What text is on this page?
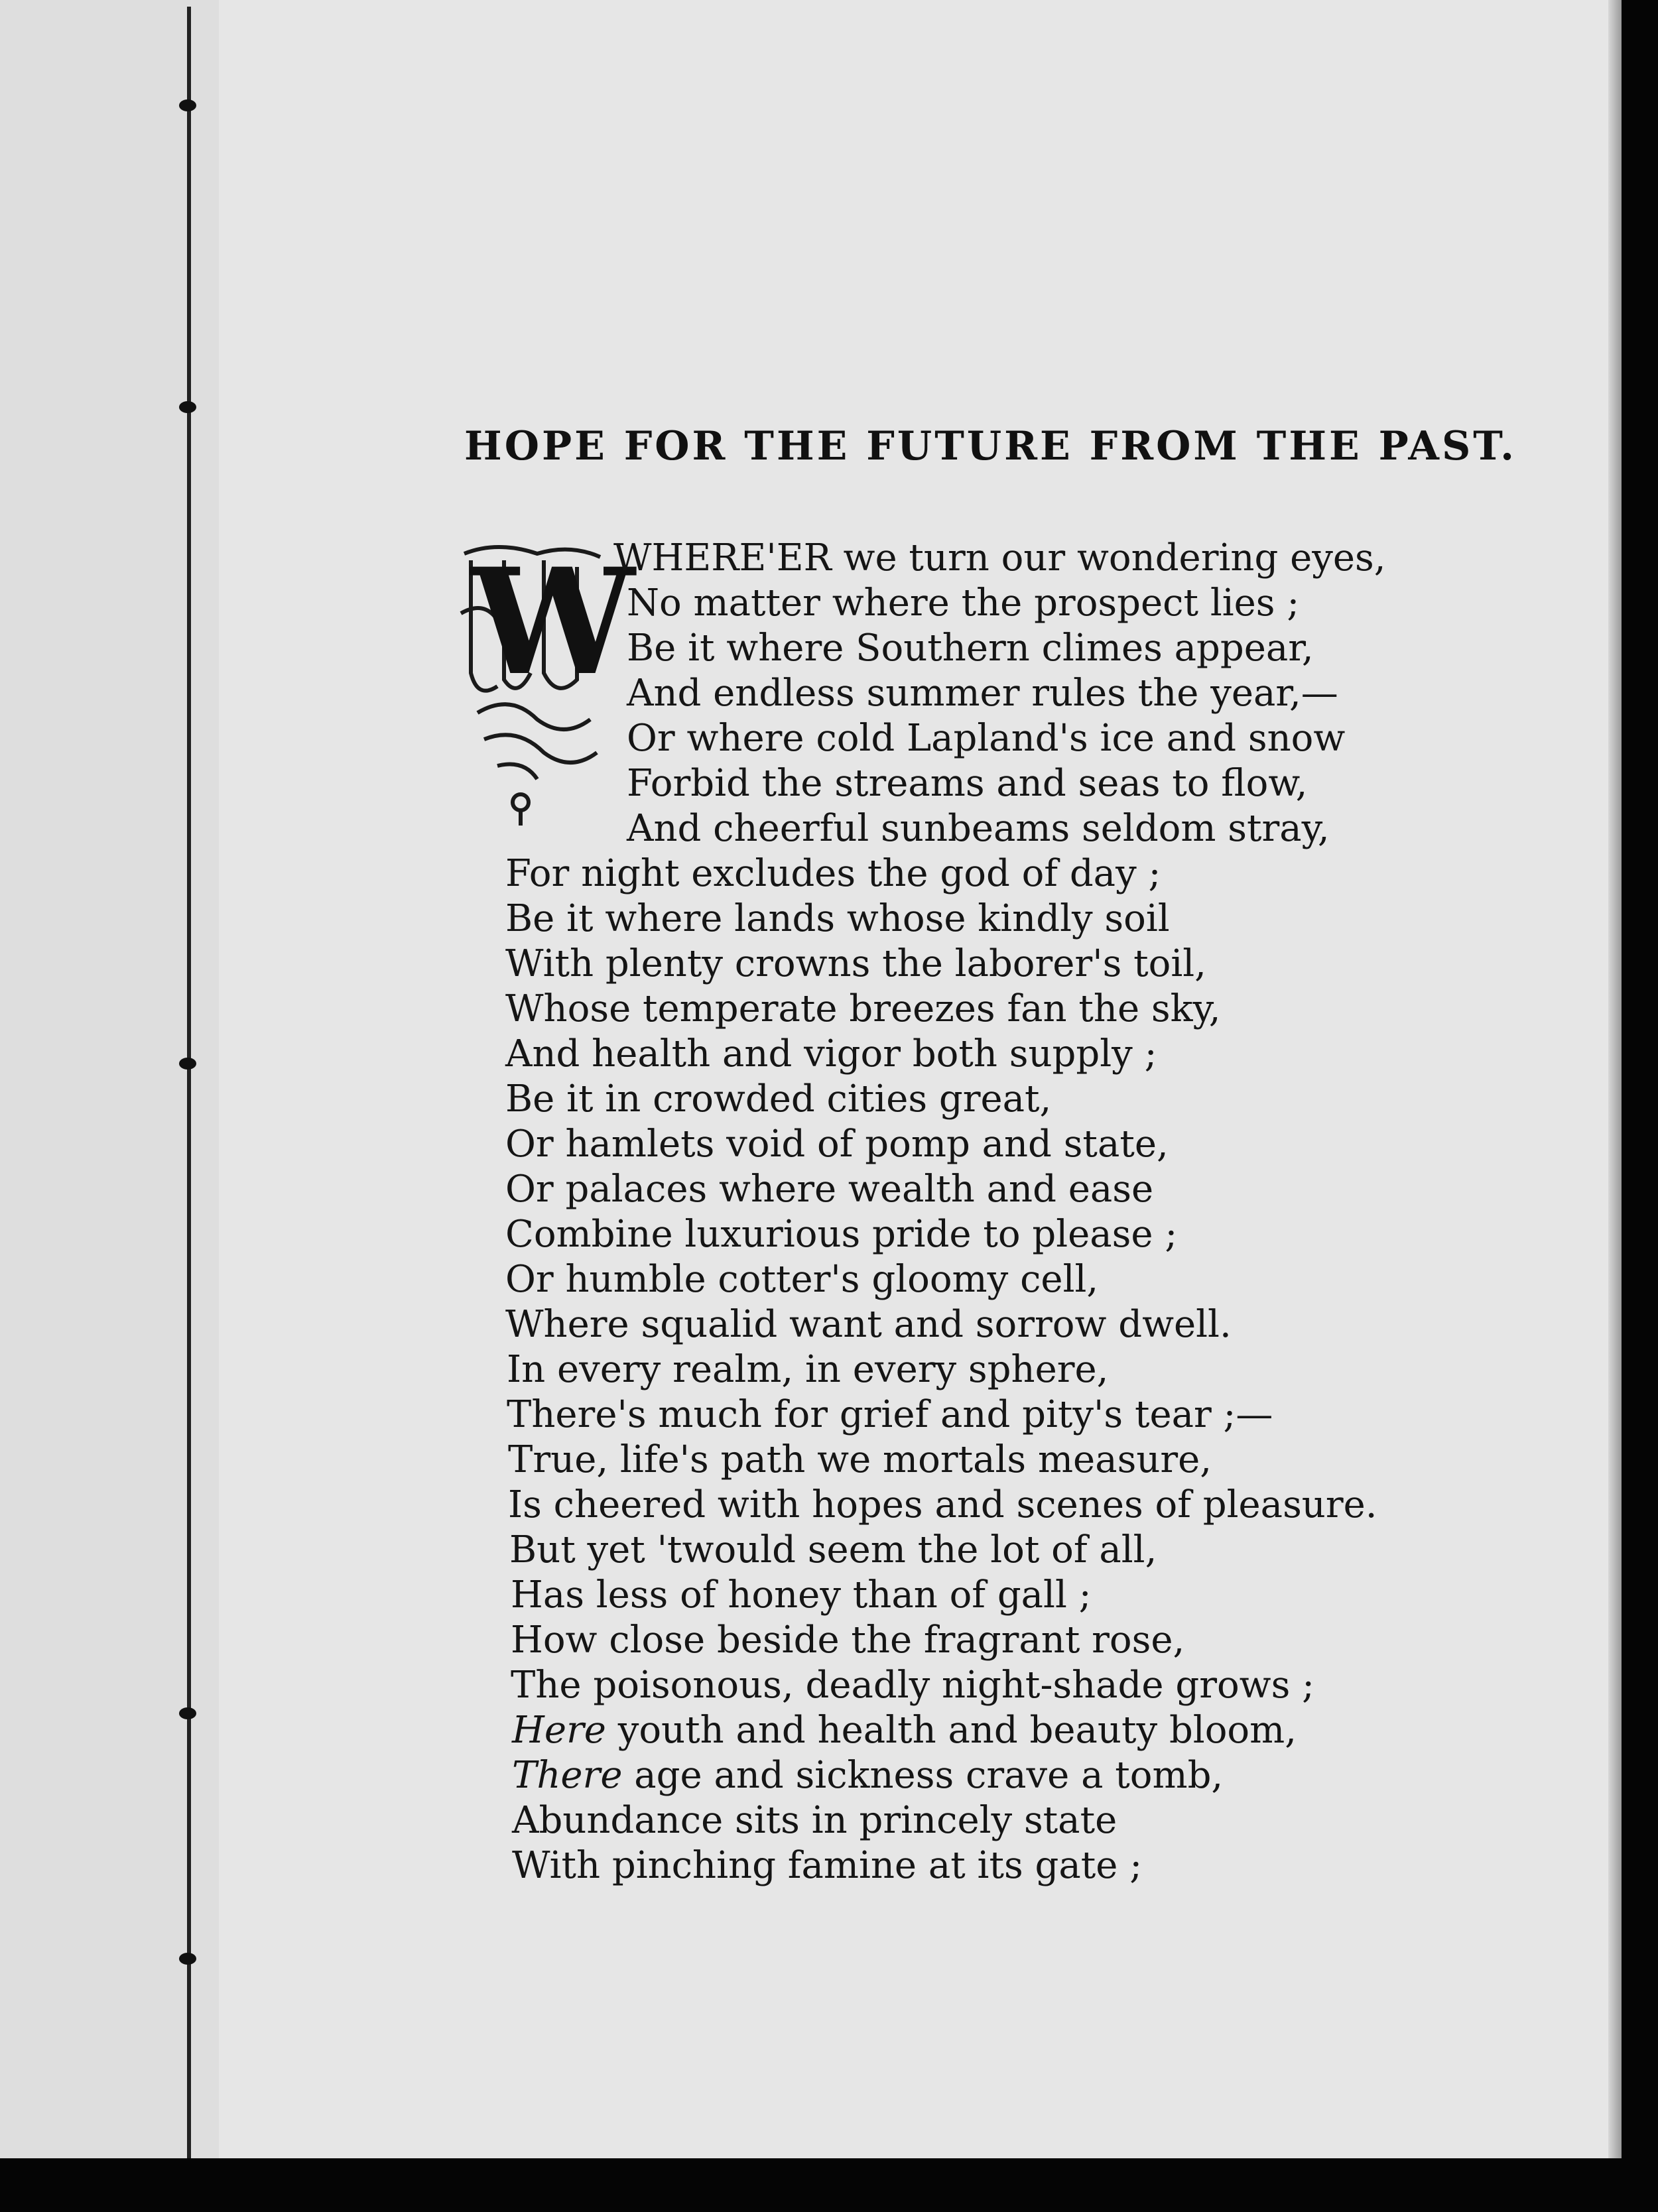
HOPE FOR THE FUTURE FROM THE PAST.
W
WHERE'ER we turn our wondering eyes,
No matter where the prospect lies ;
Be it where Southern climes appear,
And endless summer rules the year,—
Or where cold Lapland's ice and snow
Forbid the streams and seas to flow,
And cheerful sunbeams seldom stray,
For night excludes the god of day ;
Be it where lands whose kindly soil
With plenty crowns the laborer's toil,
Whose temperate breezes fan the sky,
And health and vigor both supply ;
Be it in crowded cities great,
Or hamlets void of pomp and state,
Or palaces where wealth and ease
Combine luxurious pride to please ;
Or humble cotter's gloomy cell,
Where squalid want and sorrow dwell.
In every realm, in every sphere,
There's much for grief and pity's tear ;—
True, life's path we mortals measure,
Is cheered with hopes and scenes of pleasure.
But yet 'twould seem the lot of all,
Has less of honey than of gall ;
How close beside the fragrant rose,
The poisonous, deadly night-shade grows ;
Here youth and health and beauty bloom,
There age and sickness crave a tomb,
Abundance sits in princely state
With pinching famine at its gate ;
